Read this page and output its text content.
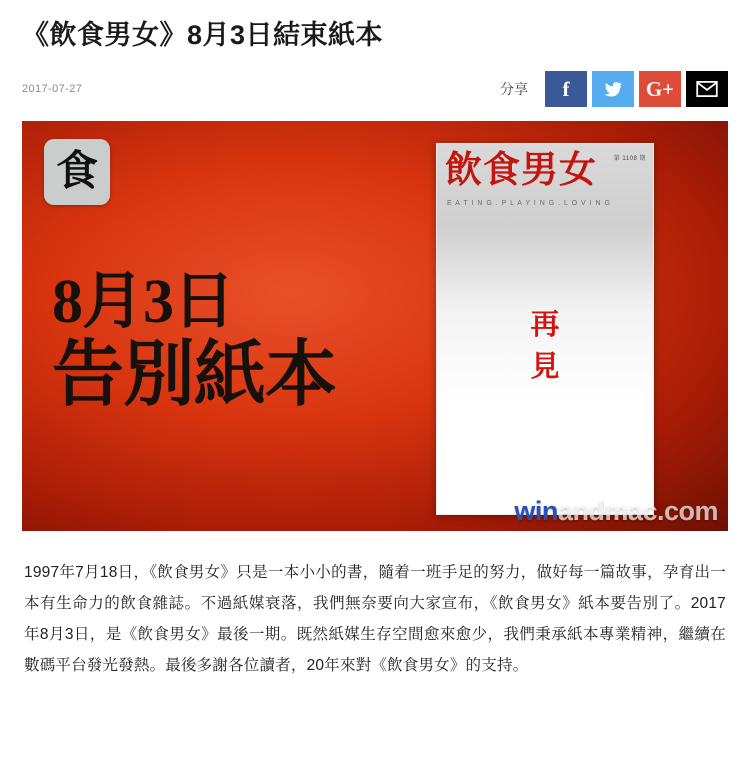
《飲食男女》8月3日結束紙本
2017-07-27	分享 f	G+
食
8月3日
告別紙本
飲食男女	第 1108 期
E A T I N G . P L A Y I N G . L O V I N G
再
見
winandmac.com

1997年7月18日，《飲食男女》只是一本小小的書，隨着一班手足的努力，做好每一篇故事，孕育出一本有生命力的飲食雜誌。不過紙媒衰落，我們無奈要向大家宣布，《飲食男女》紙本要告別了。2017年8月3日，是《飲食男女》最後一期。既然紙媒生存空間愈來愈少，我們秉承紙本專業精神，繼續在數碼平台發光發熱。最後多謝各位讀者，20年來對《飲食男女》的支持。
